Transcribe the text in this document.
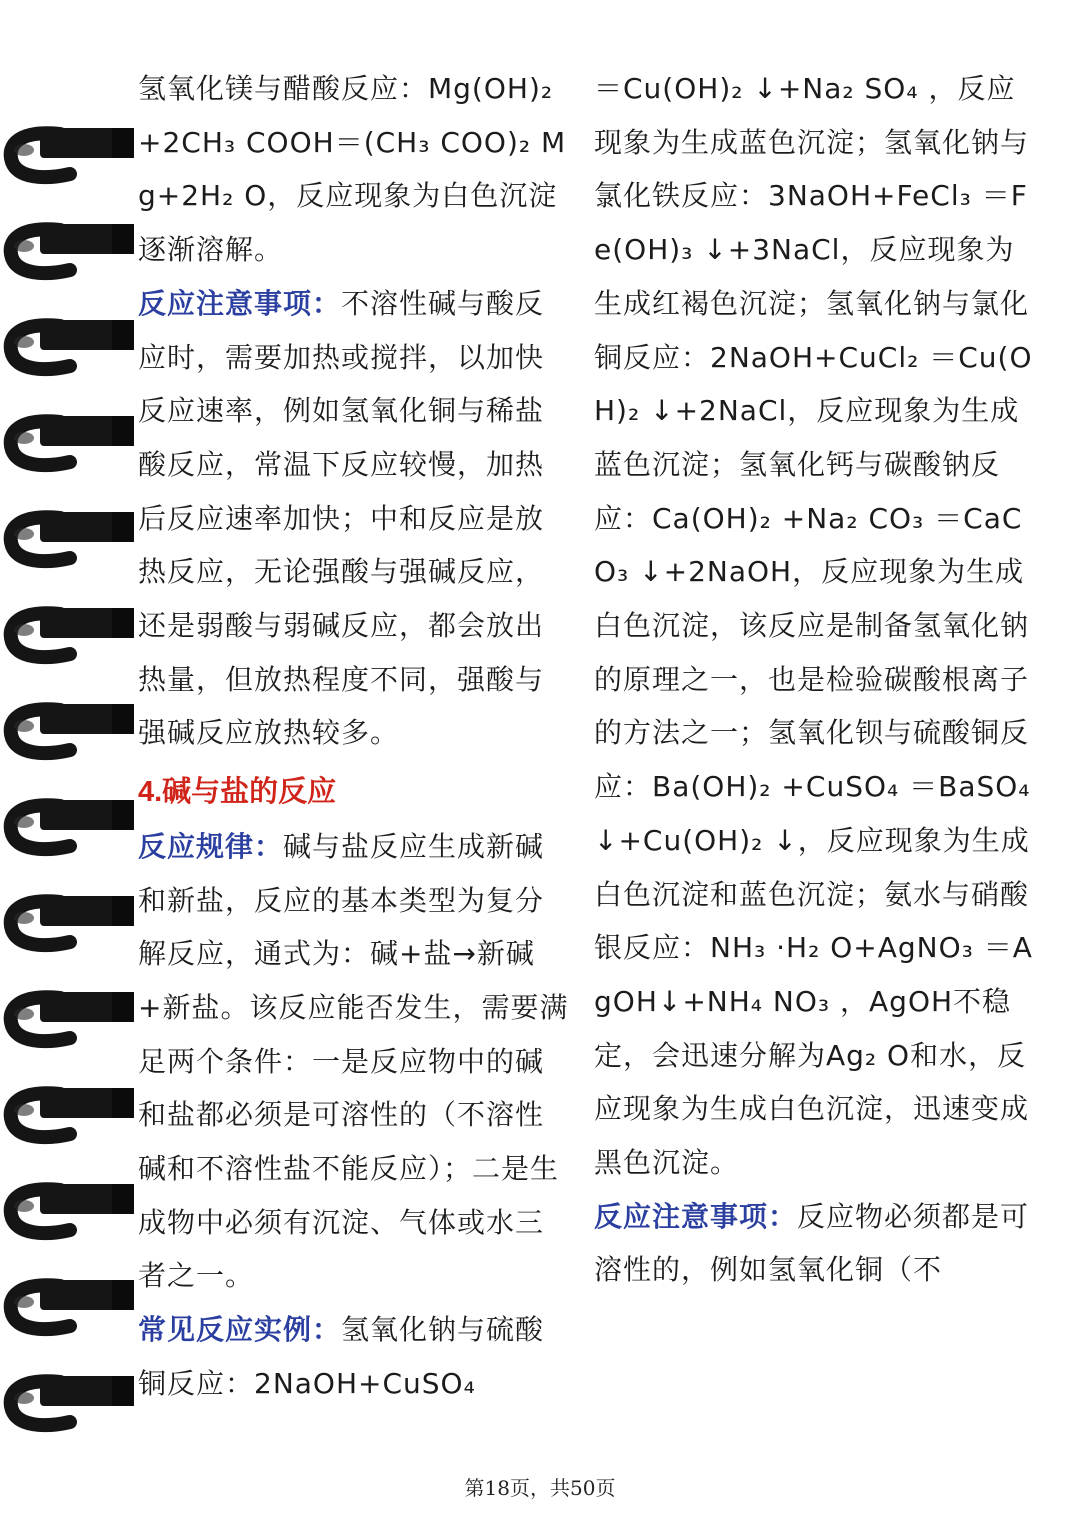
氢氧化镁与醋酸反应：Mg(OH)₂ +2CH₃ COOH＝(CH₃ COO)₂ Mg+2H₂ O，反应现象为白色沉淀逐渐溶解。

反应注意事项：不溶性碱与酸反应时，需要加热或搅拌，以加快反应速率，例如氢氧化铜与稀盐酸反应，常温下反应较慢，加热后反应速率加快；中和反应是放热反应，无论强酸与强碱反应，还是弱酸与弱碱反应，都会放出热量，但放热程度不同，强酸与强碱反应放热较多。

4.碱与盐的反应

反应规律：碱与盐反应生成新碱和新盐，反应的基本类型为复分解反应，通式为：碱+盐→新碱+新盐。该反应能否发生，需要满足两个条件：一是反应物中的碱和盐都必须是可溶性的（不溶性碱和不溶性盐不能反应）；二是生成物中必须有沉淀、气体或水三者之一。

常见反应实例：氢氧化钠与硫酸铜反应：2NaOH+CuSO₄

＝Cu(OH)₂ ↓+Na₂ SO₄ ，反应现象为生成蓝色沉淀；氢氧化钠与氯化铁反应：3NaOH+FeCl₃ ＝Fe(OH)₃ ↓+3NaCl，反应现象为生成红褐色沉淀；氢氧化钠与氯化铜反应：2NaOH+CuCl₂ ＝Cu(OH)₂ ↓+2NaCl，反应现象为生成蓝色沉淀；氢氧化钙与碳酸钠反应：Ca(OH)₂ +Na₂ CO₃ ＝CaCO₃ ↓+2NaOH，反应现象为生成白色沉淀，该反应是制备氢氧化钠的原理之一，也是检验碳酸根离子的方法之一；氢氧化钡与硫酸铜反应：Ba(OH)₂ +CuSO₄ ＝BaSO₄ ↓+Cu(OH)₂ ↓，反应现象为生成白色沉淀和蓝色沉淀；氨水与硝酸银反应：NH₃ ·H₂ O+AgNO₃ ＝AgOH↓+NH₄ NO₃ ，AgOH不稳定，会迅速分解为Ag₂ O和水，反应现象为生成白色沉淀，迅速变成黑色沉淀。

反应注意事项：反应物必须都是可溶性的，例如氢氧化铜（不

第18页，共50页
